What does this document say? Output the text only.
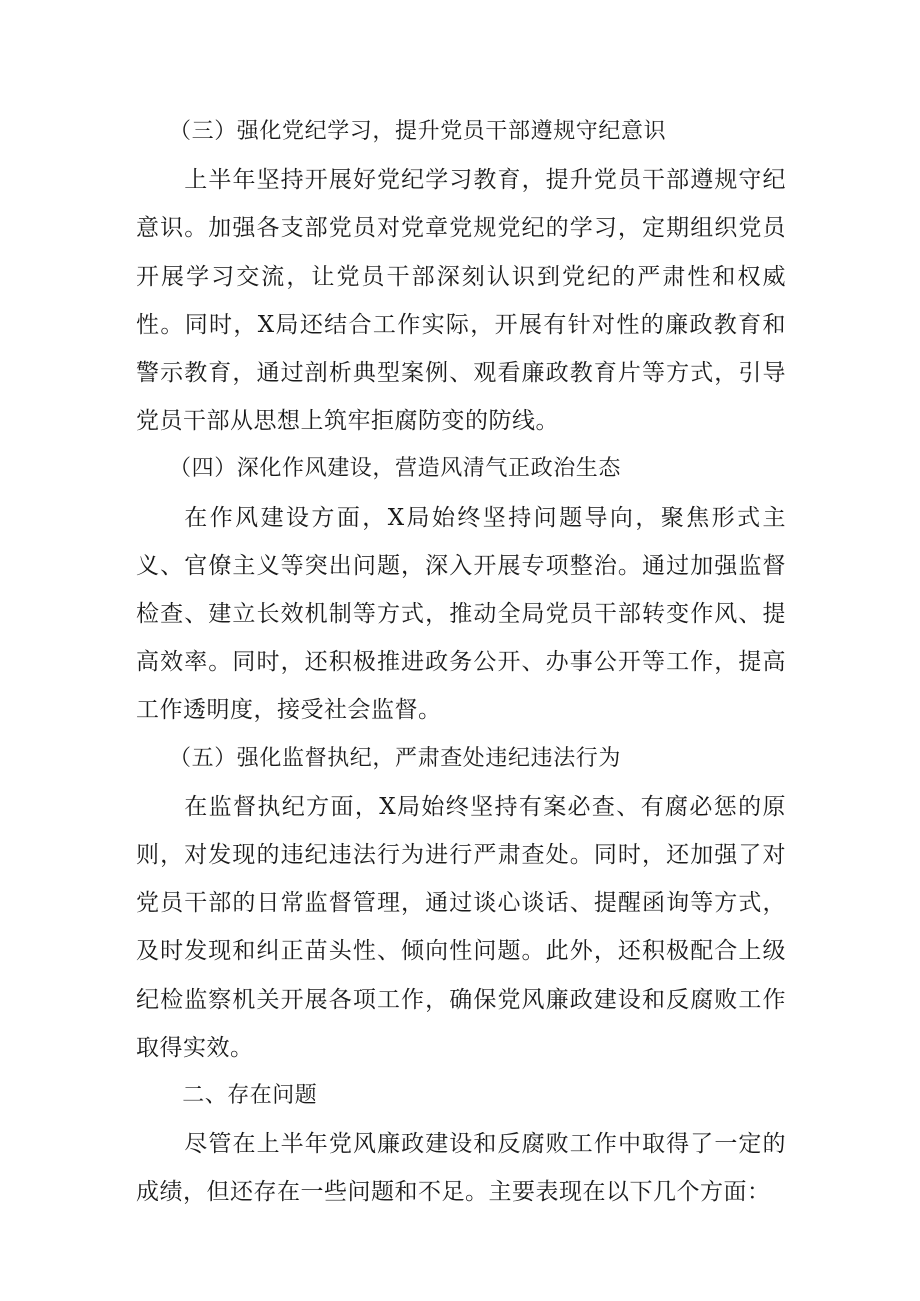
（三）强化党纪学习，提升党员干部遵规守纪意识

上半年坚持开展好党纪学习教育，提升党员干部遵规守纪意识。加强各支部党员对党章党规党纪的学习，定期组织党员开展学习交流，让党员干部深刻认识到党纪的严肃性和权威性。同时，X局还结合工作实际，开展有针对性的廉政教育和警示教育，通过剖析典型案例、观看廉政教育片等方式，引导党员干部从思想上筑牢拒腐防变的防线。

（四）深化作风建设，营造风清气正政治生态

在作风建设方面，X局始终坚持问题导向，聚焦形式主义、官僚主义等突出问题，深入开展专项整治。通过加强监督检查、建立长效机制等方式，推动全局党员干部转变作风、提高效率。同时，还积极推进政务公开、办事公开等工作，提高工作透明度，接受社会监督。

（五）强化监督执纪，严肃查处违纪违法行为

在监督执纪方面，X局始终坚持有案必查、有腐必惩的原则，对发现的违纪违法行为进行严肃查处。同时，还加强了对党员干部的日常监督管理，通过谈心谈话、提醒函询等方式，及时发现和纠正苗头性、倾向性问题。此外，还积极配合上级纪检监察机关开展各项工作，确保党风廉政建设和反腐败工作取得实效。

二、存在问题

尽管在上半年党风廉政建设和反腐败工作中取得了一定的成绩，但还存在一些问题和不足。主要表现在以下几个方面：
